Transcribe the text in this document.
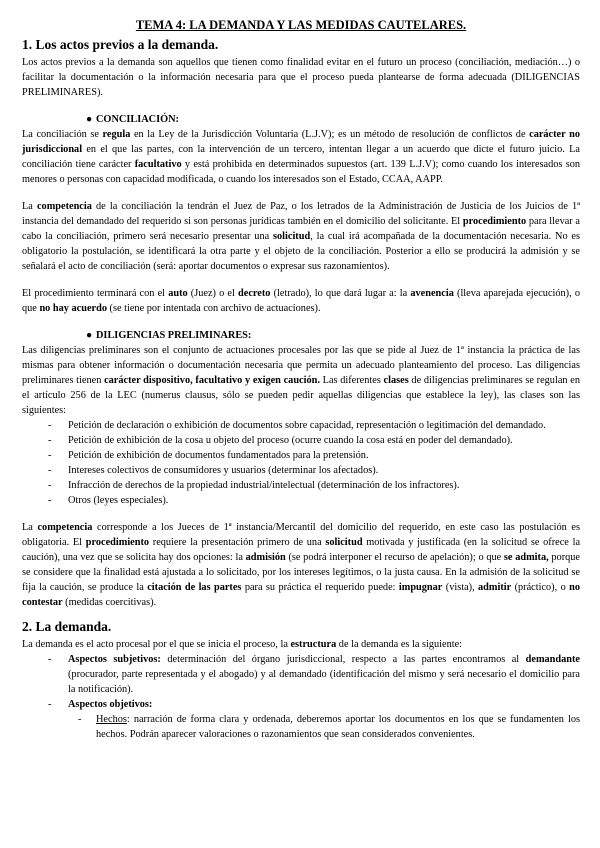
TEMA 4: LA DEMANDA Y LAS MEDIDAS CAUTELARES.
1. Los actos previos a la demanda.

Los actos previos a la demanda son aquellos que tienen como finalidad evitar en el futuro un proceso (conciliación, mediación…) o facilitar la documentación o la información necesaria para que el proceso pueda plantearse de forma adecuada (DILIGENCIAS PRELIMINARES).

● CONCILIACIÓN:

La conciliación se regula en la Ley de la Jurisdicción Voluntaria (L.J.V); es un método de resolución de conflictos de carácter no jurisdiccional en el que las partes, con la intervención de un tercero, intentan llegar a un acuerdo que dicte el futuro juicio. La conciliación tiene carácter facultativo y está prohibida en determinados supuestos (art. 139 L.J.V); como cuando los interesados son menores o personas con capacidad modificada, o cuando los interesados son el Estado, CCAA, AAPP.

La competencia de la conciliación la tendrán el Juez de Paz, o los letrados de la Administración de Justicia de los Juicios de 1ª instancia del demandado del requerido si son personas jurídicas también en el domicilio del solicitante. El procedimiento para llevar a cabo la conciliación, primero será necesario presentar una solicitud, la cual irá acompañada de la documentación necesaria. No es obligatorio la postulación, se identificará la otra parte y el objeto de la conciliación. Posterior a ello se producirá la admisión y se señalará el acto de conciliación (será: aportar documentos o expresar sus razonamientos).

El procedimiento terminará con el auto (Juez) o el decreto (letrado), lo que dará lugar a: la avenencia (lleva aparejada ejecución), o que no hay acuerdo (se tiene por intentada con archivo de actuaciones).

● DILIGENCIAS PRELIMINARES:

Las diligencias preliminares son el conjunto de actuaciones procesales por las que se pide al Juez de 1ª instancia la práctica de las mismas para obtener información o documentación necesaria que permita un adecuado planteamiento del proceso. Las diligencias preliminares tienen carácter dispositivo, facultativo y exigen caución. Las diferentes clases de diligencias preliminares se regulan en el artículo 256 de la LEC (numerus clausus, sólo se pueden pedir aquellas diligencias que establece la ley), las clases son las siguientes:

- Petición de declaración o exhibición de documentos sobre capacidad, representación o legitimación del demandado.
- Petición de exhibición de la cosa u objeto del proceso (ocurre cuando la cosa está en poder del demandado).
- Petición de exhibición de documentos fundamentados para la pretensión.
- Intereses colectivos de consumidores y usuarios (determinar los afectados).
- Infracción de derechos de la propiedad industrial/intelectual (determinación de los infractores).
- Otros (leyes especiales).

La competencia corresponde a los Jueces de 1ª instancia/Mercantil del domicilio del requerido, en este caso las postulación es obligatoria. El procedimiento requiere la presentación primero de una solicitud motivada y justificada (en la solicitud se ofrece la caución), una vez que se solicita hay dos opciones: la admisión (se podrá interponer el recurso de apelación); o que se admita, porque se considere que la finalidad está ajustada a lo solicitado, por los intereses legítimos, o la justa causa. En la admisión de la solicitud se fija la caución, se produce la citación de las partes para su práctica el requerido puede: impugnar (vista), admitir (práctico), o no contestar (medidas coercitivas).

2. La demanda.

La demanda es el acto procesal por el que se inicia el proceso, la estructura de la demanda es la siguiente:

- Aspectos subjetivos: determinación del órgano jurisdiccional, respecto a las partes encontramos al demandante (procurador, parte representada y el abogado) y al demandado (identificación del mismo y será necesario el domicilio para la notificación).
- Aspectos objetivos:
- Hechos: narración de forma clara y ordenada, deberemos aportar los documentos en los que se fundamenten los hechos. Podrán aparecer valoraciones o razonamientos que sean considerados convenientes.
